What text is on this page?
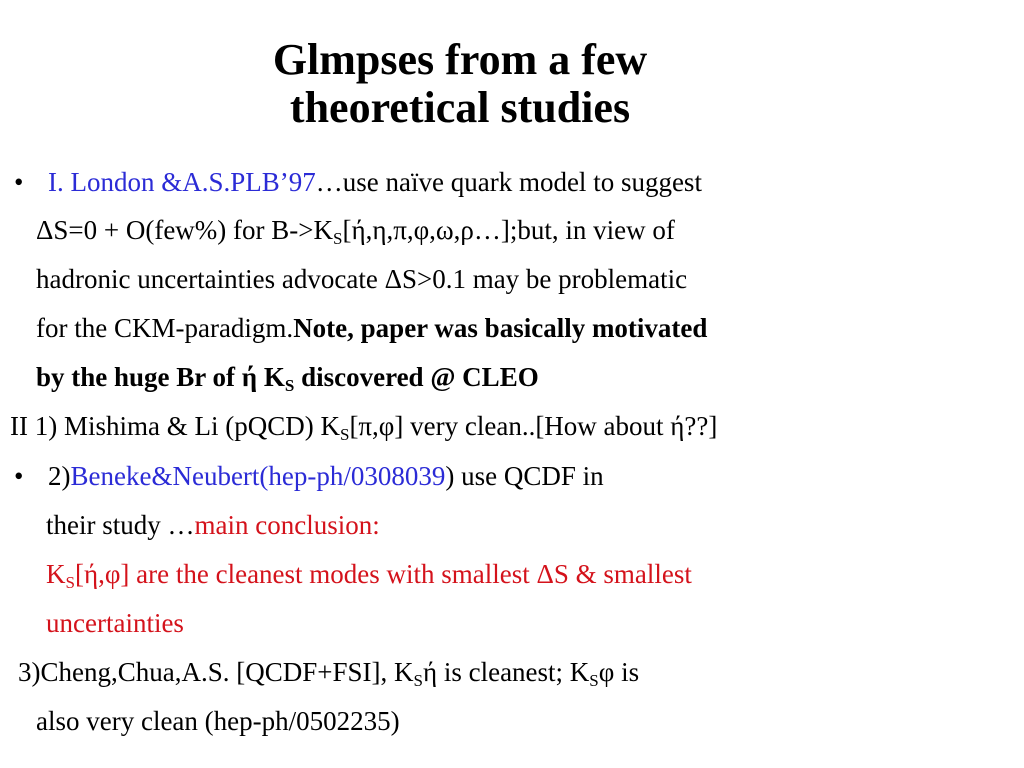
Glmpses from a few
theoretical studies
• I. London &A.S.PLB’97…use naïve quark model to suggest
ΔS=0 + O(few%) for $B->K_S[ή,\eta,\pi,\varphi,\omega,\rho\dots];but$, in view of
hadronic uncertainties advocate ΔS>0.1 may be problematic
for the CKM-paradigm.Note, paper was basically motivated
by the huge Br of ή $K_S$ discovered @ CLEO
II 1) Mishima & Li (pQCD) $K_S[\pi,\varphi]$ very clean..[How about ή??]
• 2)Beneke&Neubert(hep-ph/0308039) use QCDF in
their study …main conclusion:
$K_S[ή,\varphi]$ are the cleanest modes with smallest ΔS & smallest
uncertainties
3)Cheng,Chua,A.S. [QCDF+FSI], $K_Sή$ is cleanest; $K_S\varphi$ is
also very clean (hep-ph/0502235)
